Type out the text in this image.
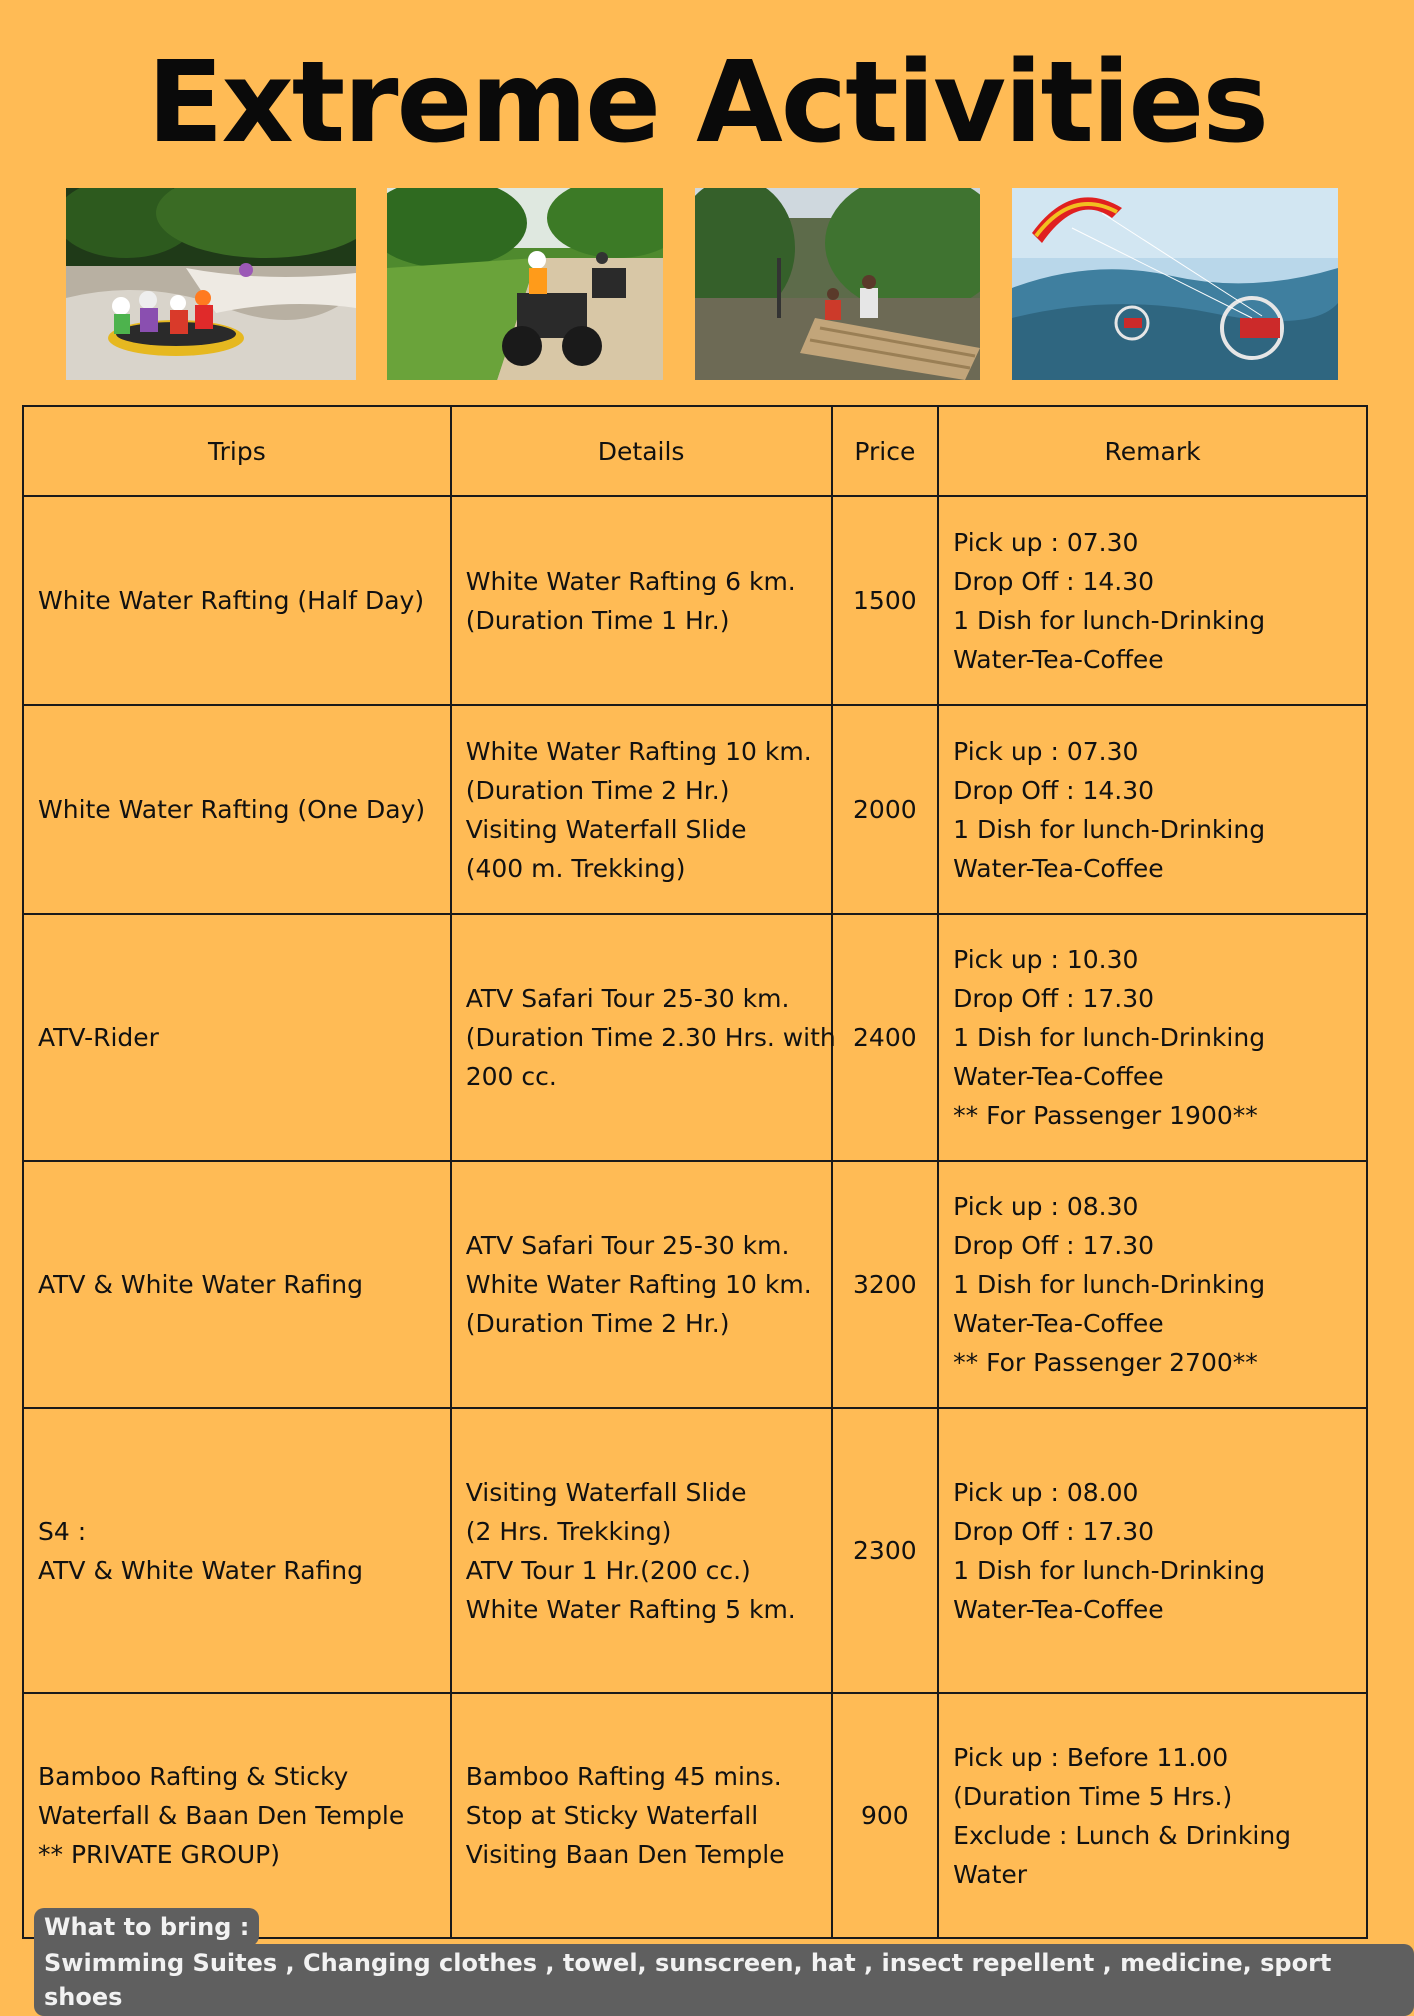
Extreme Activities
Trips	Details	Price	Remark

White Water Rafting (Half Day)	White Water Rafting 6 km.
(Duration Time 1 Hr.)	1500	Pick up : 07.30
Drop Off : 14.30
1 Dish for lunch-Drinking
Water-Tea-Coffee

White Water Rafting (One Day)	White Water Rafting 10 km.
(Duration Time 2 Hr.)
Visiting Waterfall Slide
(400 m. Trekking)	2000	Pick up : 07.30
Drop Off : 14.30
1 Dish for lunch-Drinking
Water-Tea-Coffee

ATV-Rider	ATV Safari Tour 25-30 km.
(Duration Time 2.30 Hrs. with
200 cc.	2400	Pick up : 10.30
Drop Off : 17.30
1 Dish for lunch-Drinking
Water-Tea-Coffee
** For Passenger 1900**

ATV & White Water Rafing	ATV Safari Tour 25-30 km.
White Water Rafting 10 km.
(Duration Time 2 Hr.)	3200	Pick up : 08.30
Drop Off : 17.30
1 Dish for lunch-Drinking
Water-Tea-Coffee
** For Passenger 2700**

S4 :
ATV & White Water Rafing	Visiting Waterfall Slide
(2 Hrs. Trekking)
ATV Tour 1 Hr.(200 cc.)
White Water Rafting 5 km.	2300	Pick up : 08.00
Drop Off : 17.30
1 Dish for lunch-Drinking
Water-Tea-Coffee

Bamboo Rafting & Sticky
Waterfall & Baan Den Temple
** PRIVATE GROUP)	Bamboo Rafting 45 mins.
Stop at Sticky Waterfall
Visiting Baan Den Temple	900	Pick up : Before 11.00
(Duration Time 5 Hrs.)
Exclude : Lunch & Drinking
Water
What to bring :
Swimming Suites , Changing clothes , towel, sunscreen, hat , insect repellent , medicine, sport shoes
